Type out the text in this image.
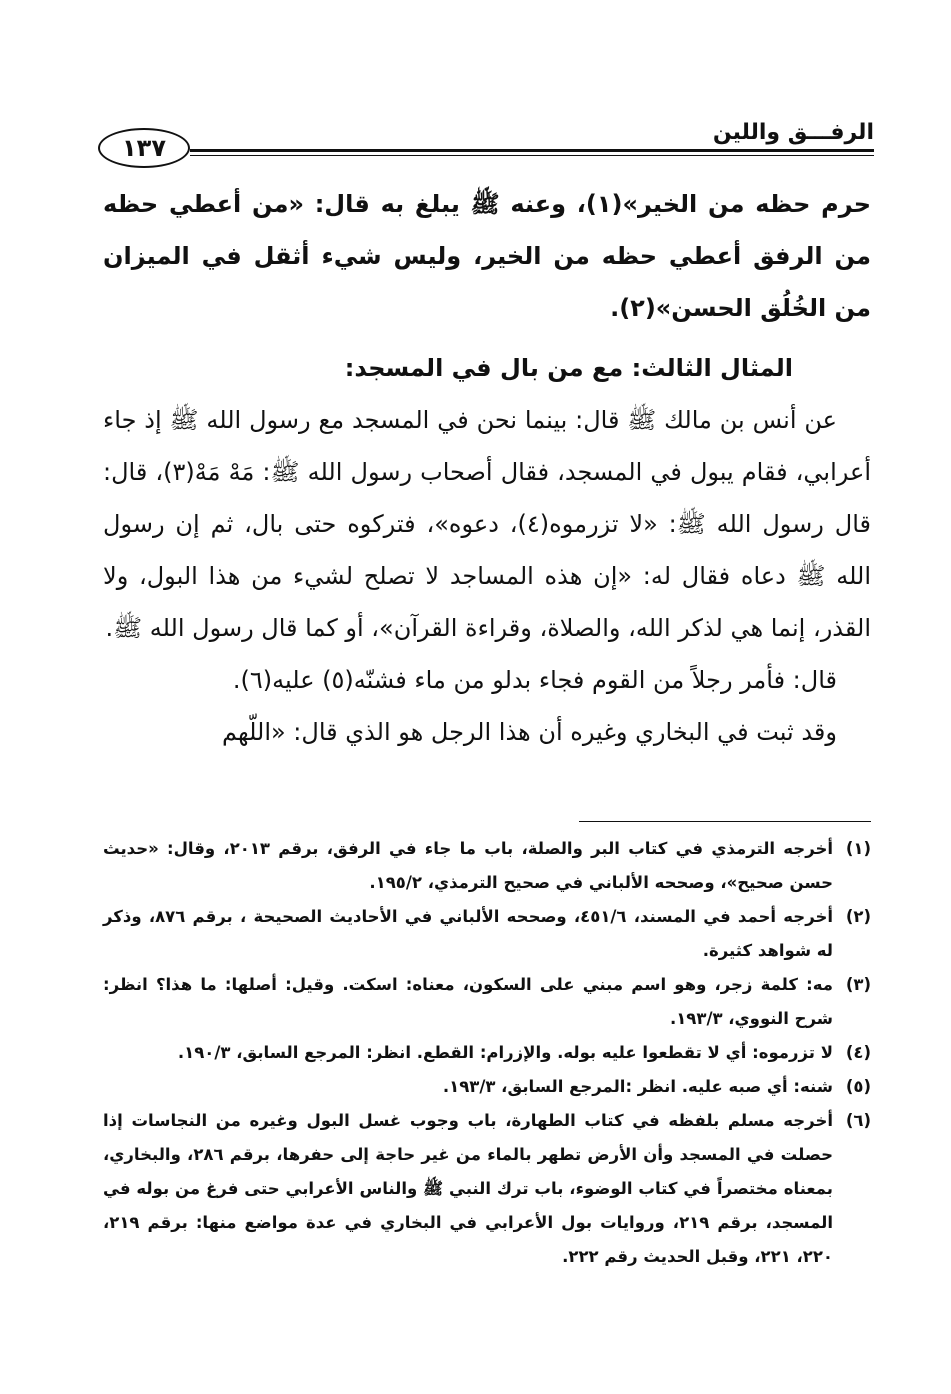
١٣٧
الرفـــق واللين

حرم حظه من الخير»(١)، وعنه ﷺ يبلغ به قال: «من أعطي حظه من الرفق أعطي حظه من الخير، وليس شيء أثقل في الميزان من الخُلُق الحسن»(٢).

المثال الثالث: مع من بال في المسجد:

عن أنس بن مالك ﷺ قال: بينما نحن في المسجد مع رسول الله ﷺ إذ جاء أعرابي، فقام يبول في المسجد، فقال أصحاب رسول الله ﷺ: مَهْ مَهْ(٣)، قال: قال رسول الله ﷺ: «لا تزرموه(٤)، دعوه»، فتركوه حتى بال، ثم إن رسول الله ﷺ دعاه فقال له: «إن هذه المساجد لا تصلح لشيء من هذا البول، ولا القذر، إنما هي لذكر الله، والصلاة، وقراءة القرآن»، أو كما قال رسول الله ﷺ.

قال: فأمر رجلاً من القوم فجاء بدلو من ماء فشنّه(٥) عليه(٦).

وقد ثبت في البخاري وغيره أن هذا الرجل هو الذي قال: «اللّهم

(١)
أخرجه الترمذي في كتاب البر والصلة، باب ما جاء في الرفق، برقم ٢٠١٣، وقال: «حديث حسن صحيح»، وصححه الألباني في صحيح الترمذي، ١٩٥/٢.
(٢)
أخرجه أحمد في المسند، ٤٥١/٦، وصححه الألباني في الأحاديث الصحيحة ، برقم ٨٧٦، وذكر له شواهد كثيرة.
(٣)
مه: كلمة زجر، وهو اسم مبني على السكون، معناه: اسكت. وقيل: أصلها: ما هذا؟ انظر: شرح النووي، ١٩٣/٣.
(٤)
لا تزرموه: أي لا تقطعوا عليه بوله. والإزرام: القطع. انظر: المرجع السابق، ١٩٠/٣.
(٥)
شنه: أي صبه عليه. انظر :المرجع السابق، ١٩٣/٣.
(٦)
أخرجه مسلم بلفظه في كتاب الطهارة، باب وجوب غسل البول وغيره من النجاسات إذا حصلت في المسجد وأن الأرض تطهر بالماء من غير حاجة إلى حفرها، برقم ٢٨٦، والبخاري، بمعناه مختصراً في كتاب الوضوء، باب ترك النبي ﷺ والناس الأعرابي حتى فرغ من بوله في المسجد، برقم ٢١٩، وروايات بول الأعرابي في البخاري في عدة مواضع منها: برقم ٢١٩، ٢٢٠، ٢٢١، وقبل الحديث رقم ٢٢٢.
